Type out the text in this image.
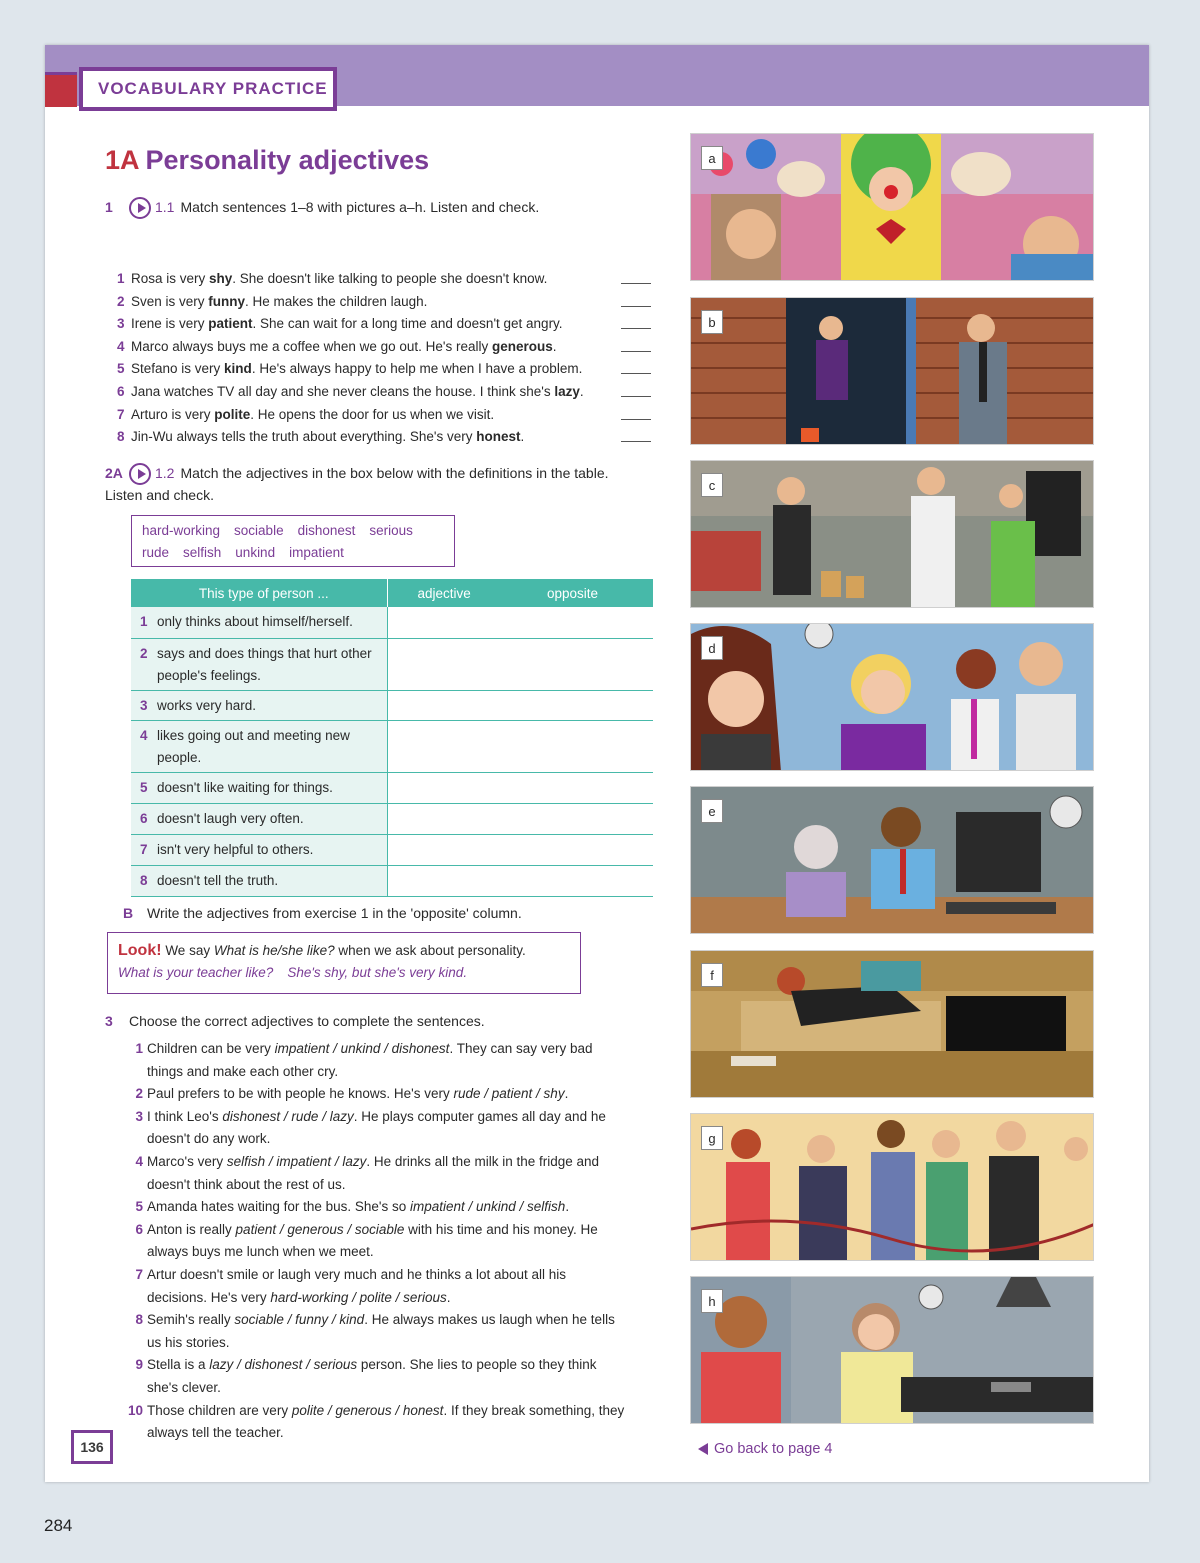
VOCABULARY PRACTICE
1A Personality adjectives
1	1.1 Match sentences 1–8 with pictures a–h. Listen and check.
1 Rosa is very shy. She doesn't like talking to people she doesn't know.
2 Sven is very funny. He makes the children laugh.
3 Irene is very patient. She can wait for a long time and doesn't get angry.
4 Marco always buys me a coffee when we go out. He's really generous.
5 Stefano is very kind. He's always happy to help me when I have a problem.
6 Jana watches TV all day and she never cleans the house. I think she's lazy.
7 Arturo is very polite. He opens the door for us when we visit.
8 Jin-Wu always tells the truth about everything. She's very honest.
2A 1.2 Match the adjectives in the box below with the definitions in the table. Listen and check.
hard-working sociable dishonest serious
rude selfish unkind impatient
This type of person ...	adjective	opposite

1 only thinks about himself/herself.		

2 says and does things that hurt other people's feelings.		

3 works very hard.		

4 likes going out and meeting new people.		

5 doesn't like waiting for things.		

6 doesn't laugh very often.		

7 isn't very helpful to others.		

8 doesn't tell the truth.		
B Write the adjectives from exercise 1 in the 'opposite' column.
Look! We say What is he/she like? when we ask about personality.
What is your teacher like? She's shy, but she's very kind.
3 Choose the correct adjectives to complete the sentences.
1 Children can be very impatient / unkind / dishonest. They can say very bad things and make each other cry.
2 Paul prefers to be with people he knows. He's very rude / patient / shy.
3 I think Leo's dishonest / rude / lazy. He plays computer games all day and he doesn't do any work.
4 Marco's very selfish / impatient / lazy. He drinks all the milk in the fridge and doesn't think about the rest of us.
5 Amanda hates waiting for the bus. She's so impatient / unkind / selfish.
6 Anton is really patient / generous / sociable with his time and his money. He always buys me lunch when we meet.
7 Artur doesn't smile or laugh very much and he thinks a lot about all his decisions. He's very hard-working / polite / serious.
8 Semih's really sociable / funny / kind. He always makes us laugh when he tells us his stories.
9 Stella is a lazy / dishonest / serious person. She lies to people so they think she's clever.
10 Those children are very polite / generous / honest. If they break something, they always tell the teacher.
a
b
c
d
e
f
g
h
Go back to page 4
136
284
